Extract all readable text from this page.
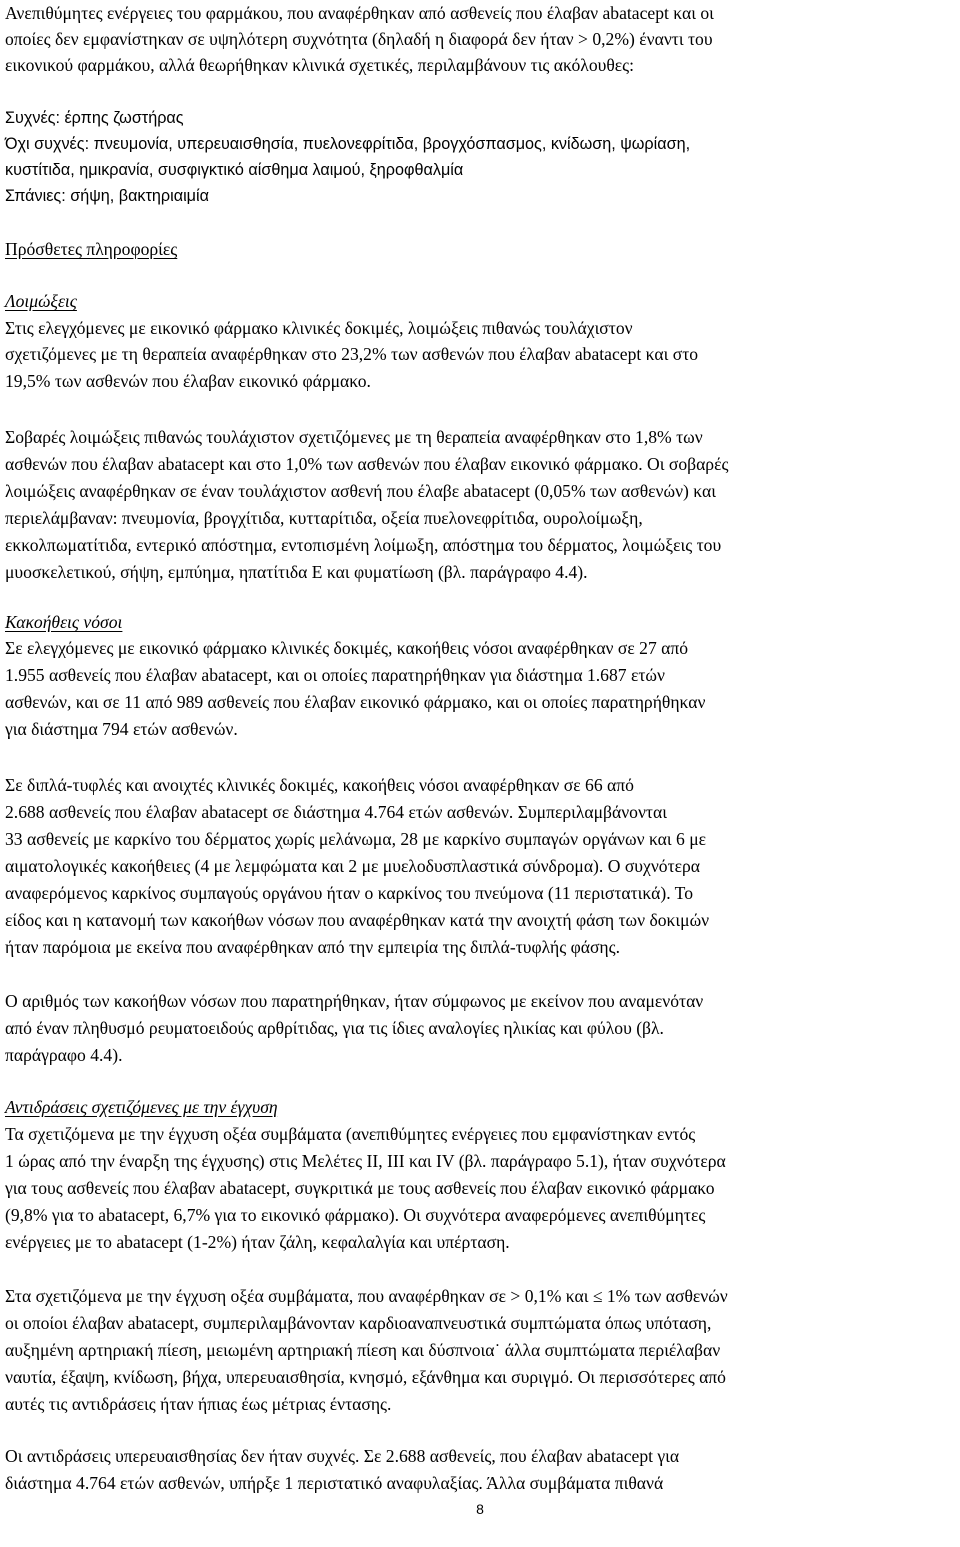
Ανεπιθύμητες ενέργειες του φαρμάκου, που αναφέρθηκαν από ασθενείς που έλαβαν abatacept και οι
οποίες δεν εμφανίστηκαν σε υψηλότερη συχνότητα (δηλαδή η διαφορά δεν ήταν > 0,2%) έναντι του
εικονικού φαρμάκου, αλλά θεωρήθηκαν κλινικά σχετικές, περιλαμβάνουν τις ακόλουθες:
Συχνές: έρπης ζωστήρας
Όχι συχνές: πνευμονία, υπερευαισθησία, πυελονεφρίτιδα, βρογχόσπασμος, κνίδωση, ψωρίαση,
κυστίτιδα, ημικρανία, συσφιγκτικό αίσθημα λαιμού, ξηροφθαλμία
Σπάνιες: σήψη, βακτηριαιμία
Πρόσθετες πληροφορίες
Λοιμώξεις
Στις ελεγχόμενες με εικονικό φάρμακο κλινικές δοκιμές, λοιμώξεις πιθανώς τουλάχιστον
σχετιζόμενες με τη θεραπεία αναφέρθηκαν στο 23,2% των ασθενών που έλαβαν abatacept και στο
19,5% των ασθενών που έλαβαν εικονικό φάρμακο.
Σοβαρές λοιμώξεις πιθανώς τουλάχιστον σχετιζόμενες με τη θεραπεία αναφέρθηκαν στο 1,8% των
ασθενών που έλαβαν abatacept και στο 1,0% των ασθενών που έλαβαν εικονικό φάρμακο. Οι σοβαρές
λοιμώξεις αναφέρθηκαν σε έναν τουλάχιστον ασθενή που έλαβε abatacept (0,05% των ασθενών) και
περιελάμβαναν: πνευμονία, βρογχίτιδα, κυτταρίτιδα, οξεία πυελονεφρίτιδα, ουρολοίμωξη,
εκκολπωματίτιδα, εντερικό απόστημα, εντοπισμένη λοίμωξη, απόστημα του δέρματος, λοιμώξεις του
μυοσκελετικού, σήψη, εμπύημα, ηπατίτιδα Ε και φυματίωση (βλ. παράγραφο 4.4).
Κακοήθεις νόσοι
Σε ελεγχόμενες με εικονικό φάρμακο κλινικές δοκιμές, κακοήθεις νόσοι αναφέρθηκαν σε 27 από
1.955 ασθενείς που έλαβαν abatacept, και οι οποίες παρατηρήθηκαν για διάστημα 1.687 ετών
ασθενών, και σε 11 από 989 ασθενείς που έλαβαν εικονικό φάρμακο, και οι οποίες παρατηρήθηκαν
για διάστημα 794 ετών ασθενών.
Σε διπλά-τυφλές και ανοιχτές κλινικές δοκιμές, κακοήθεις νόσοι αναφέρθηκαν σε 66 από
2.688 ασθενείς που έλαβαν abatacept σε διάστημα 4.764 ετών ασθενών. Συμπεριλαμβάνονται
33 ασθενείς με καρκίνο του δέρματος χωρίς μελάνωμα, 28 με καρκίνο συμπαγών οργάνων και 6 με
αιματολογικές κακοήθειες (4 με λεμφώματα και 2 με μυελοδυσπλαστικά σύνδρομα). Ο συχνότερα
αναφερόμενος καρκίνος συμπαγούς οργάνου ήταν ο καρκίνος του πνεύμονα (11 περιστατικά). Το
είδος και η κατανομή των κακοήθων νόσων που αναφέρθηκαν κατά την ανοιχτή φάση των δοκιμών
ήταν παρόμοια με εκείνα που αναφέρθηκαν από την εμπειρία της διπλά-τυφλής φάσης.
Ο αριθμός των κακοήθων νόσων που παρατηρήθηκαν, ήταν σύμφωνος με εκείνον που αναμενόταν
από έναν πληθυσμό ρευματοειδούς αρθρίτιδας, για τις ίδιες αναλογίες ηλικίας και φύλου (βλ.
παράγραφο 4.4).
Αντιδράσεις σχετιζόμενες με την έγχυση
Τα σχετιζόμενα με την έγχυση οξέα συμβάματα (ανεπιθύμητες ενέργειες που εμφανίστηκαν εντός
1 ώρας από την έναρξη της έγχυσης) στις Μελέτες ΙΙ, ΙΙΙ και IV (βλ. παράγραφο 5.1), ήταν συχνότερα
για τους ασθενείς που έλαβαν abatacept, συγκριτικά με τους ασθενείς που έλαβαν εικονικό φάρμακο
(9,8% για το abatacept, 6,7% για το εικονικό φάρμακο). Οι συχνότερα αναφερόμενες ανεπιθύμητες
ενέργειες με το abatacept (1-2%) ήταν ζάλη, κεφαλαλγία και υπέρταση.
Στα σχετιζόμενα με την έγχυση οξέα συμβάματα, που αναφέρθηκαν σε > 0,1% και ≤ 1% των ασθενών
οι οποίοι έλαβαν abatacept, συμπεριλαμβάνονταν καρδιοαναπνευστικά συμπτώματα όπως υπόταση,
αυξημένη αρτηριακή πίεση, μειωμένη αρτηριακή πίεση και δύσπνοια˙ άλλα συμπτώματα περιέλαβαν
ναυτία, έξαψη, κνίδωση, βήχα, υπερευαισθησία, κνησμό, εξάνθημα και συριγμό. Οι περισσότερες από
αυτές τις αντιδράσεις ήταν ήπιας έως μέτριας έντασης.
Οι αντιδράσεις υπερευαισθησίας δεν ήταν συχνές. Σε 2.688 ασθενείς, που έλαβαν abatacept για
διάστημα 4.764 ετών ασθενών, υπήρξε 1 περιστατικό αναφυλαξίας. Άλλα συμβάματα πιθανά
8
